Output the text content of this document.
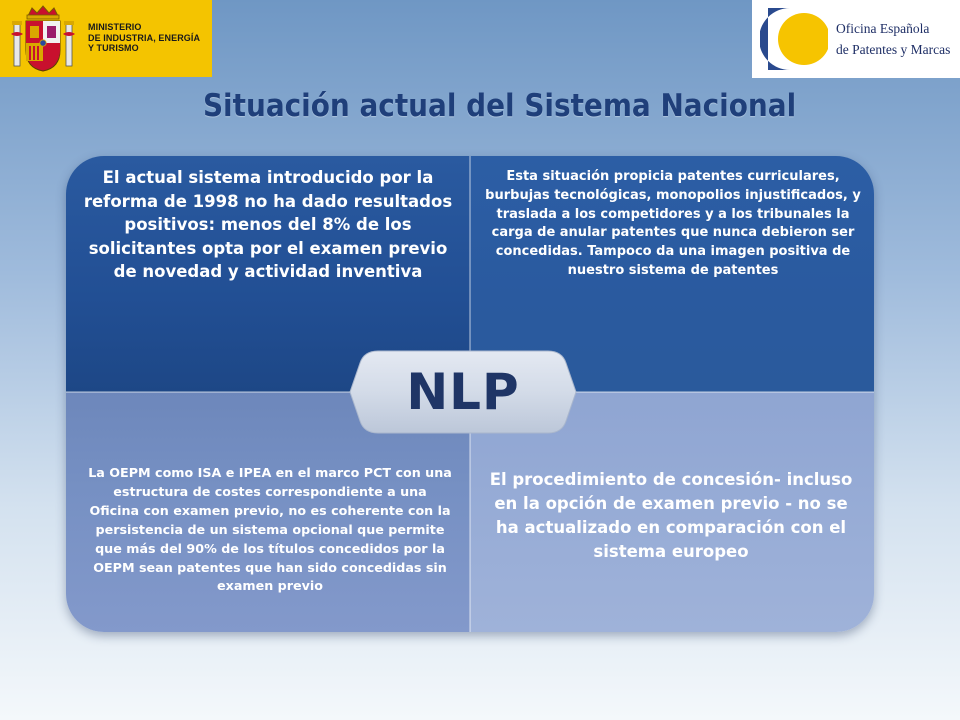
MINISTERIO
DE INDUSTRIA, ENERGÍA
Y TURISMO
Oficina Española
de Patentes y Marcas
Situación actual del Sistema Nacional
El actual sistema introducido por la reforma de 1998 no ha dado resultados positivos: menos del 8% de los solicitantes opta por el examen previo de novedad y actividad inventiva
Esta situación propicia patentes curriculares, burbujas tecnológicas, monopolios injustificados, y traslada a los competidores y a los tribunales la carga de anular patentes que nunca debieron ser concedidas. Tampoco da una imagen positiva de nuestro sistema de patentes
La OEPM como ISA e IPEA en el marco PCT con una estructura de costes correspondiente a una Oficina con examen previo, no es coherente con la persistencia de un sistema opcional que permite que más del 90% de los títulos concedidos por la OEPM sean patentes que han sido concedidas sin examen previo
El procedimiento de concesión- incluso en la opción de examen previo - no se ha actualizado en comparación con el sistema europeo
NLP
